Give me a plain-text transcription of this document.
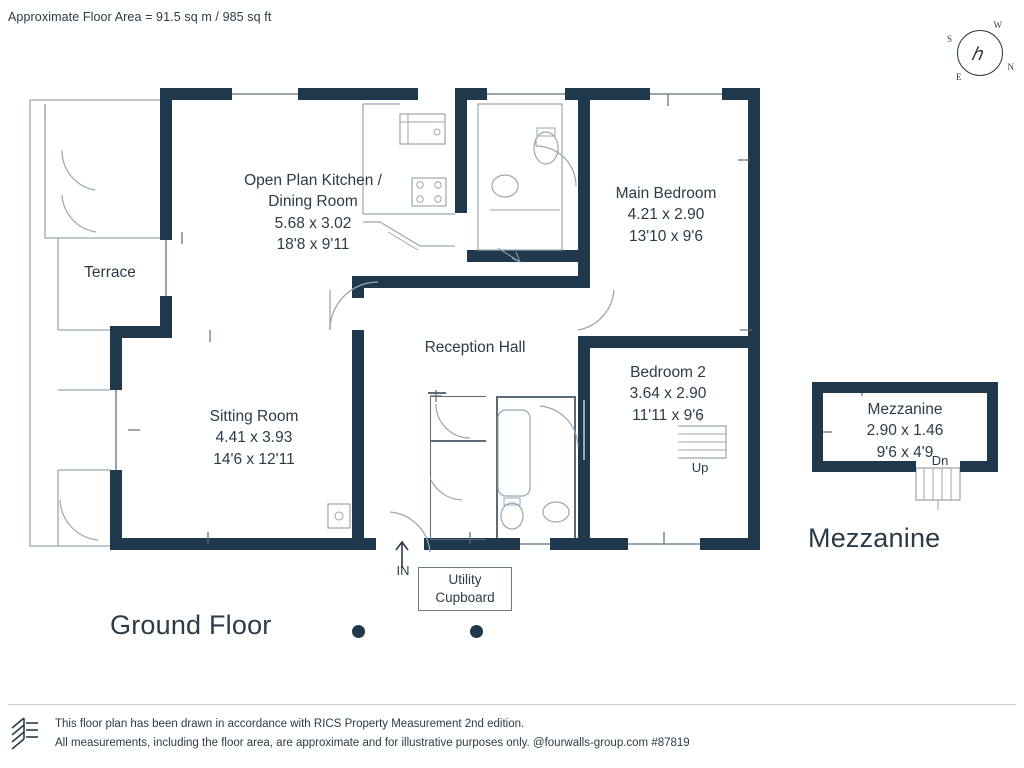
Approximate Floor Area = 91.5 sq m / 985 sq ft
N
S
E
W
ℎ
Open Plan Kitchen /
Dining Room
5.68 x 3.02
18'8 x 9'11
Main Bedroom
4.21 x 2.90
13'10 x 9'6
Sitting Room
4.41 x 3.93
14'6 x 12'11
Bedroom 2
3.64 x 2.90
11'11 x 9'6
Reception Hall
Terrace
Mezzanine
2.90 x 1.46
9'6 x 4'9
IN
Up	Dn
Utility
Cupboard
Ground Floor
Mezzanine
This floor plan has been drawn in accordance with RICS Property Measurement 2nd edition.
All measurements, including the floor area, are approximate and for illustrative purposes only. @fourwalls-group.com #87819
